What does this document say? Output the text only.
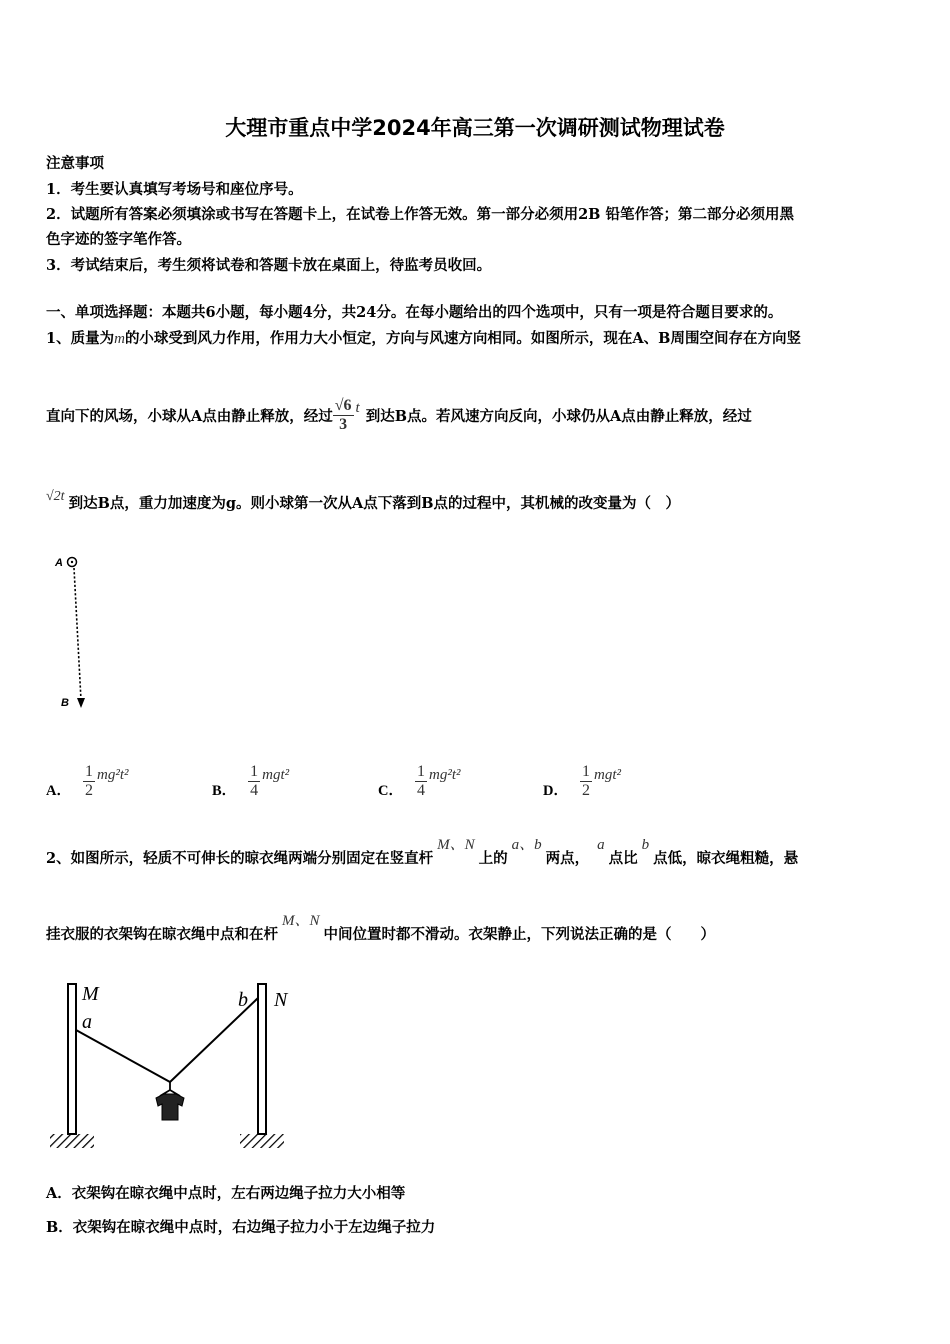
大理市重点中学2024年高三第一次调研测试物理试卷
注意事项
1．考生要认真填写考场号和座位序号。
2．试题所有答案必须填涂或书写在答题卡上，在试卷上作答无效。第一部分必须用2B 铅笔作答；第二部分必须用黑
色字迹的签字笔作答。
3．考试结束后，考生须将试卷和答题卡放在桌面上，待监考员收回。
一、单项选择题：本题共6小题，每小题4分，共24分。在每小题给出的四个选项中，只有一项是符合题目要求的。
1、质量为m的小球受到风力作用，作用力大小恒定，方向与风速方向相同。如图所示，现在A、B周围空间存在方向竖
直向下的风场，小球从A点由静止释放，经过 $\frac{√6}{3}$ t 到达B点。若风速方向反向，小球仍从A点由静止释放，经过
√2t 到达B点，重力加速度为g。则小球第一次从A点下落到B点的过程中，其机械的改变量为（　）
A
B
A． $\frac{1}{2} mg^2t^2$
B． $\frac{1}{4} mgt^2$
C． $\frac{1}{4} mg^2t^2$
D． $\frac{1}{2} mgt^2$
2、如图所示，轻质不可伸长的晾衣绳两端分别固定在竖直杆
M、N
上的
a、b
两点，
a
点比
b
点低，晾衣绳粗糙，悬
挂衣服的衣架钩在晾衣绳中点和在杆
M、N
中间位置时都不滑动。衣架静止，下列说法正确的是（　　）
M
a
b N
A．衣架钩在晾衣绳中点时，左右两边绳子拉力大小相等
B．衣架钩在晾衣绳中点时，右边绳子拉力小于左边绳子拉力
